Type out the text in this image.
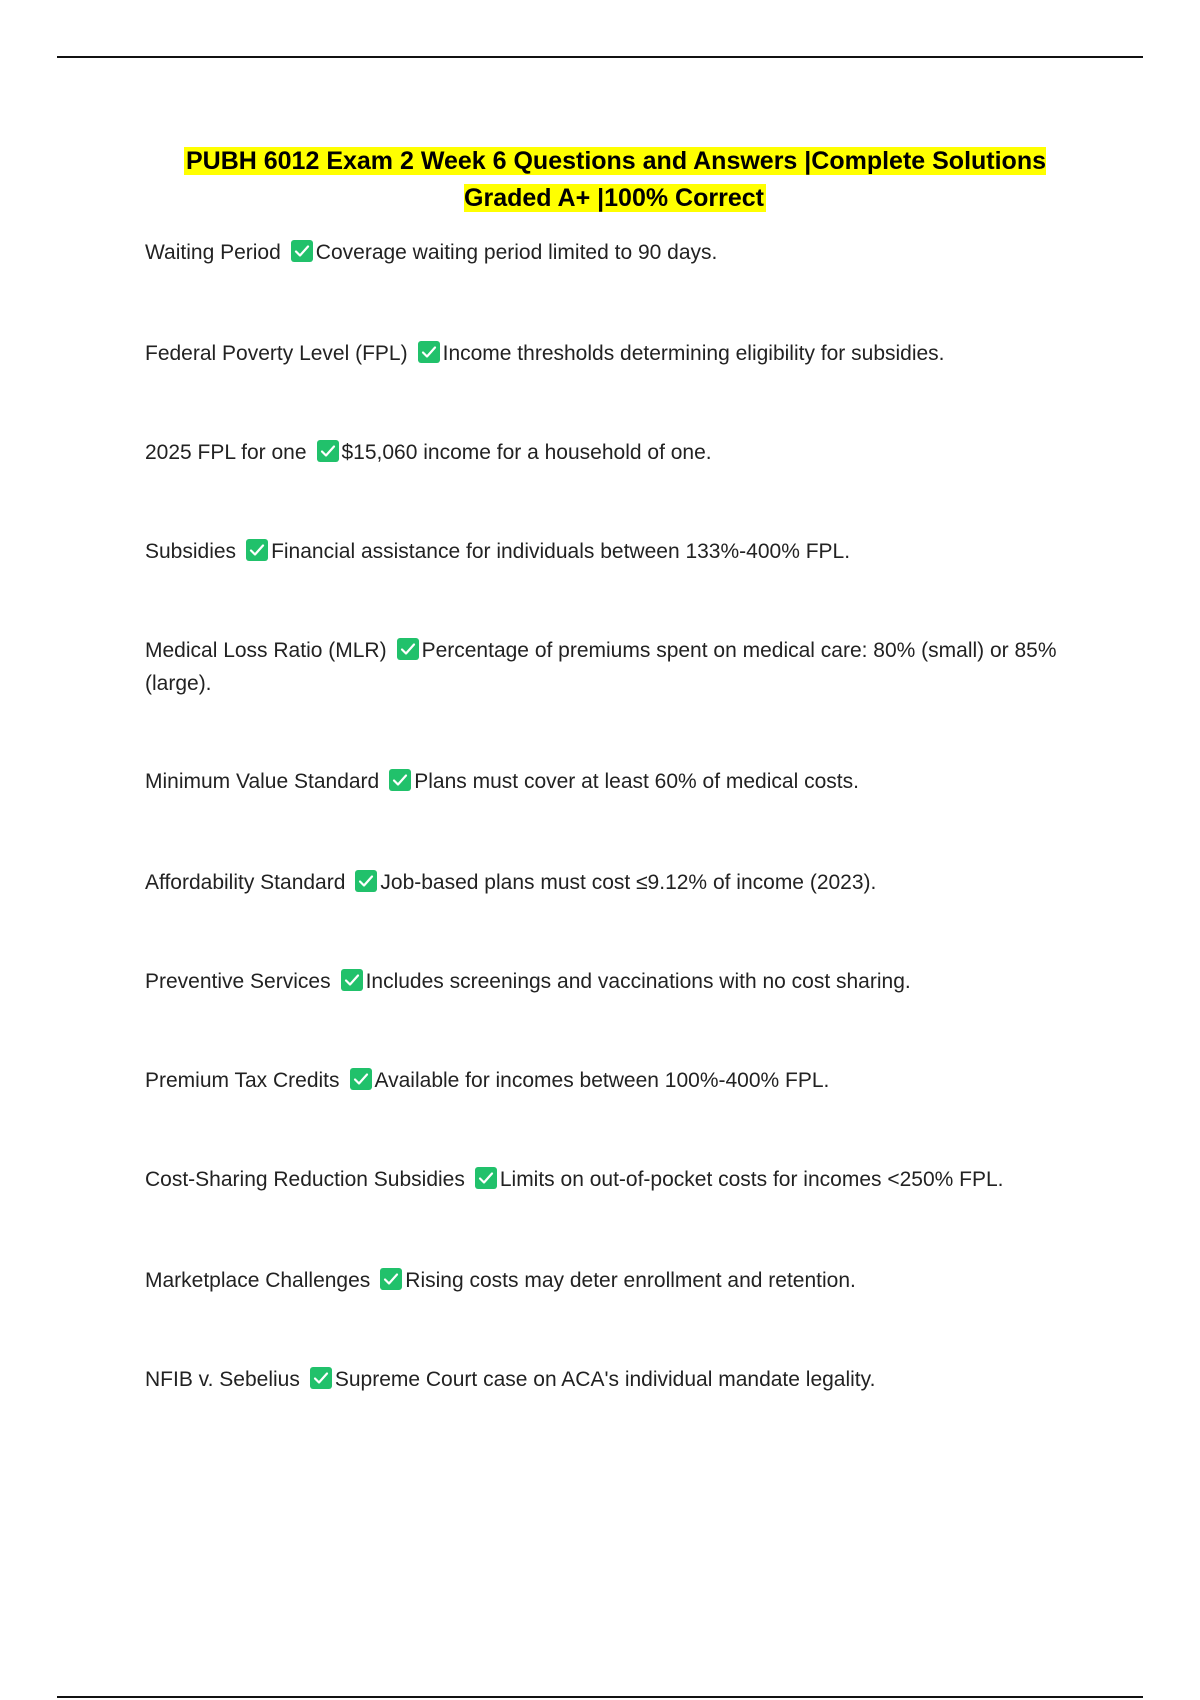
PUBH 6012 Exam 2 Week 6 Questions and Answers |Complete Solutions Graded A+ |100% Correct
Waiting Period Coverage waiting period limited to 90 days.
Federal Poverty Level (FPL) Income thresholds determining eligibility for subsidies.
2025 FPL for one $15,060 income for a household of one.
Subsidies Financial assistance for individuals between 133%-400% FPL.
Medical Loss Ratio (MLR) Percentage of premiums spent on medical care: 80% (small) or 85% (large).
Minimum Value Standard Plans must cover at least 60% of medical costs.
Affordability Standard Job-based plans must cost ≤9.12% of income (2023).
Preventive Services Includes screenings and vaccinations with no cost sharing.
Premium Tax Credits Available for incomes between 100%-400% FPL.
Cost-Sharing Reduction Subsidies Limits on out-of-pocket costs for incomes <250% FPL.
Marketplace Challenges Rising costs may deter enrollment and retention.
NFIB v. Sebelius Supreme Court case on ACA's individual mandate legality.
